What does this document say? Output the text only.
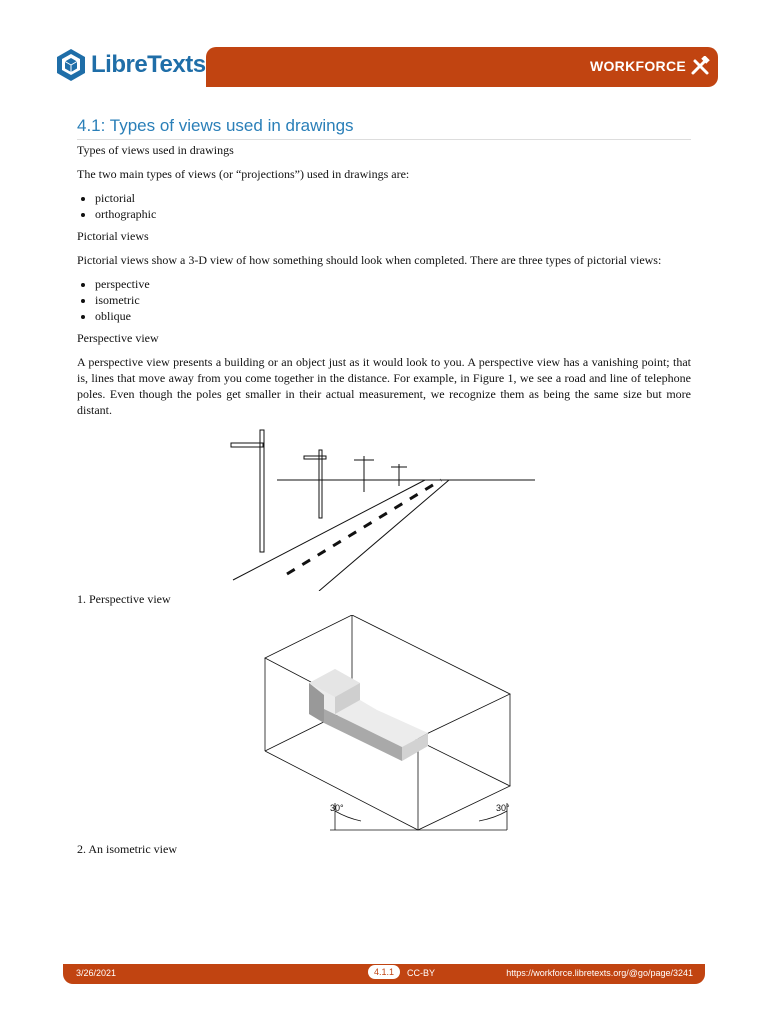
LibreTexts	WORKFORCE
4.1: Types of views used in drawings

Types of views used in drawings

The two main types of views (or “projections”) used in drawings are:

• pictorial
• orthographic

Pictorial views

Pictorial views show a 3-D view of how something should look when completed. There are three types of pictorial views:

• perspective
• isometric
• oblique

Perspective view

A perspective view presents a building or an object just as it would look to you. A perspective view has a vanishing point; that is, lines that move away from you come together in the distance. For example, in Figure 1, we see a road and line of telephone poles. Even though the poles get smaller in their actual measurement, we recognize them as being the same size but more distant.

1. Perspective view

30°	30°

2. An isometric view

3/26/2021	4.1.1	CC-BY	https://workforce.libretexts.org/@go/page/3241
